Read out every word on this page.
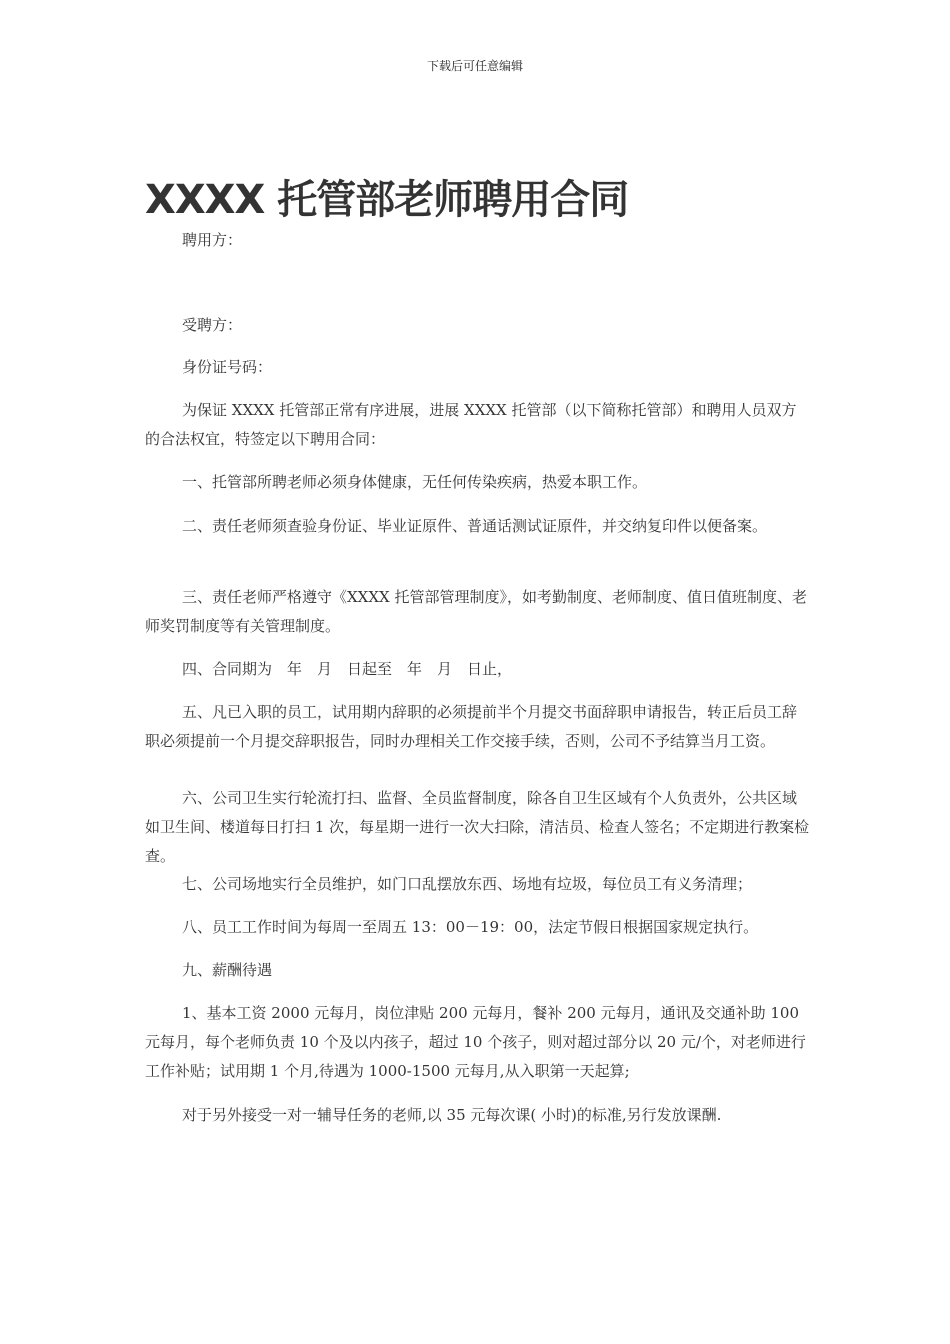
下载后可任意编辑
XXXX 托管部老师聘用合同

聘用方：

受聘方：

身份证号码：

为保证 XXXX 托管部正常有序进展，进展 XXXX 托管部（以下简称托管部）和聘用人员双方的合法权宜，特签定以下聘用合同：

一、托管部所聘老师必须身体健康，无任何传染疾病，热爱本职工作。

二、责任老师须查验身份证、毕业证原件、普通话测试证原件，并交纳复印件以便备案。

三、责任老师严格遵守《XXXX 托管部管理制度》，如考勤制度、老师制度、值日值班制度、老师奖罚制度等有关管理制度。

四、合同期为　年　月　日起至　年　月　日止，

五、凡已入职的员工，试用期内辞职的必须提前半个月提交书面辞职申请报告，转正后员工辞职必须提前一个月提交辞职报告，同时办理相关工作交接手续，否则，公司不予结算当月工资。

六、公司卫生实行轮流打扫、监督、全员监督制度，除各自卫生区域有个人负责外，公共区域如卫生间、楼道每日打扫 1 次，每星期一进行一次大扫除，清洁员、检查人签名；不定期进行教案检查。

七、公司场地实行全员维护，如门口乱摆放东西、场地有垃圾，每位员工有义务清理；

八、员工工作时间为每周一至周五 13：00－19：00，法定节假日根据国家规定执行。

九、薪酬待遇

1、基本工资 2000 元每月，岗位津贴 200 元每月，餐补 200 元每月，通讯及交通补助 100 元每月，每个老师负责 10 个及以内孩子，超过 10 个孩子，则对超过部分以 20 元/个，对老师进行工作补贴；试用期 1 个月,待遇为 1000-1500 元每月,从入职第一天起算;

对于另外接受一对一辅导任务的老师,以 35 元每次课( 小时)的标准,另行发放课酬.
